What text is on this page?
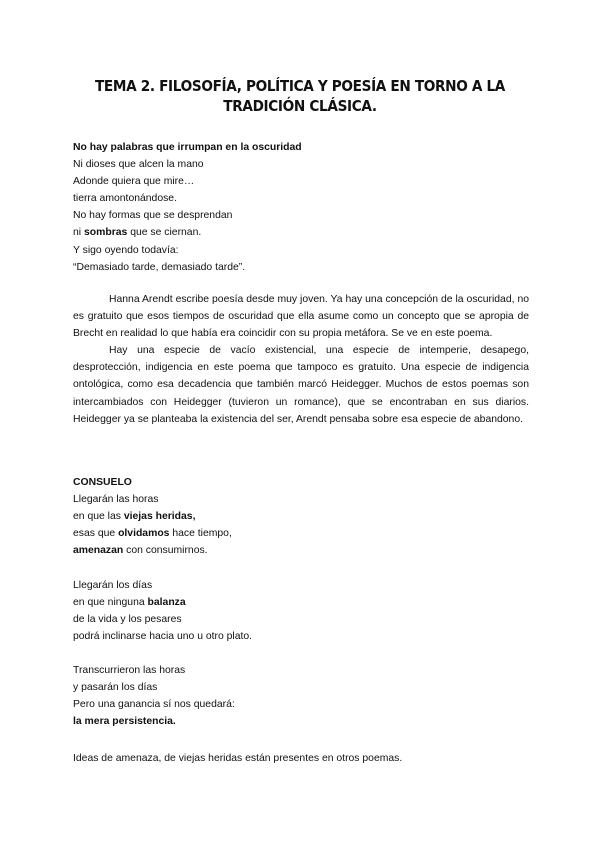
TEMA 2. FILOSOFÍA, POLÍTICA Y POESÍA EN TORNO A LA
TRADICIÓN CLÁSICA.
No hay palabras que irrumpan en la oscuridad
Ni dioses que alcen la mano
Adonde quiera que mire…
tierra amontonándose.
No hay formas que se desprendan
ni sombras que se ciernan.
Y sigo oyendo todavía:
“Demasiado tarde, demasiado tarde”.

Hanna Arendt escribe poesía desde muy joven. Ya hay una concepción de la oscuridad, no es gratuito que esos tiempos de oscuridad que ella asume como un concepto que se apropia de Brecht en realidad lo que había era coincidir con su propia metáfora. Se ve en este poema.

Hay una especie de vacío existencial, una especie de intemperie, desapego, desprotección, indigencia en este poema que tampoco es gratuito. Una especie de indigencia ontológica, como esa decadencia que también marcó Heidegger. Muchos de estos poemas son intercambiados con Heidegger (tuvieron un romance), que se encontraban en sus diarios. Heidegger ya se planteaba la existencia del ser, Arendt pensaba sobre esa especie de abandono.

CONSUELO
Llegarán las horas
en que las viejas heridas,
esas que olvidamos hace tiempo,
amenazan con consumirnos.
Llegarán los días
en que ninguna balanza
de la vida y los pesares
podrá inclinarse hacia uno u otro plato.
Transcurrieron las horas
y pasarán los días
Pero una ganancia sí nos quedará:
la mera persistencia.
Ideas de amenaza, de viejas heridas están presentes en otros poemas.
